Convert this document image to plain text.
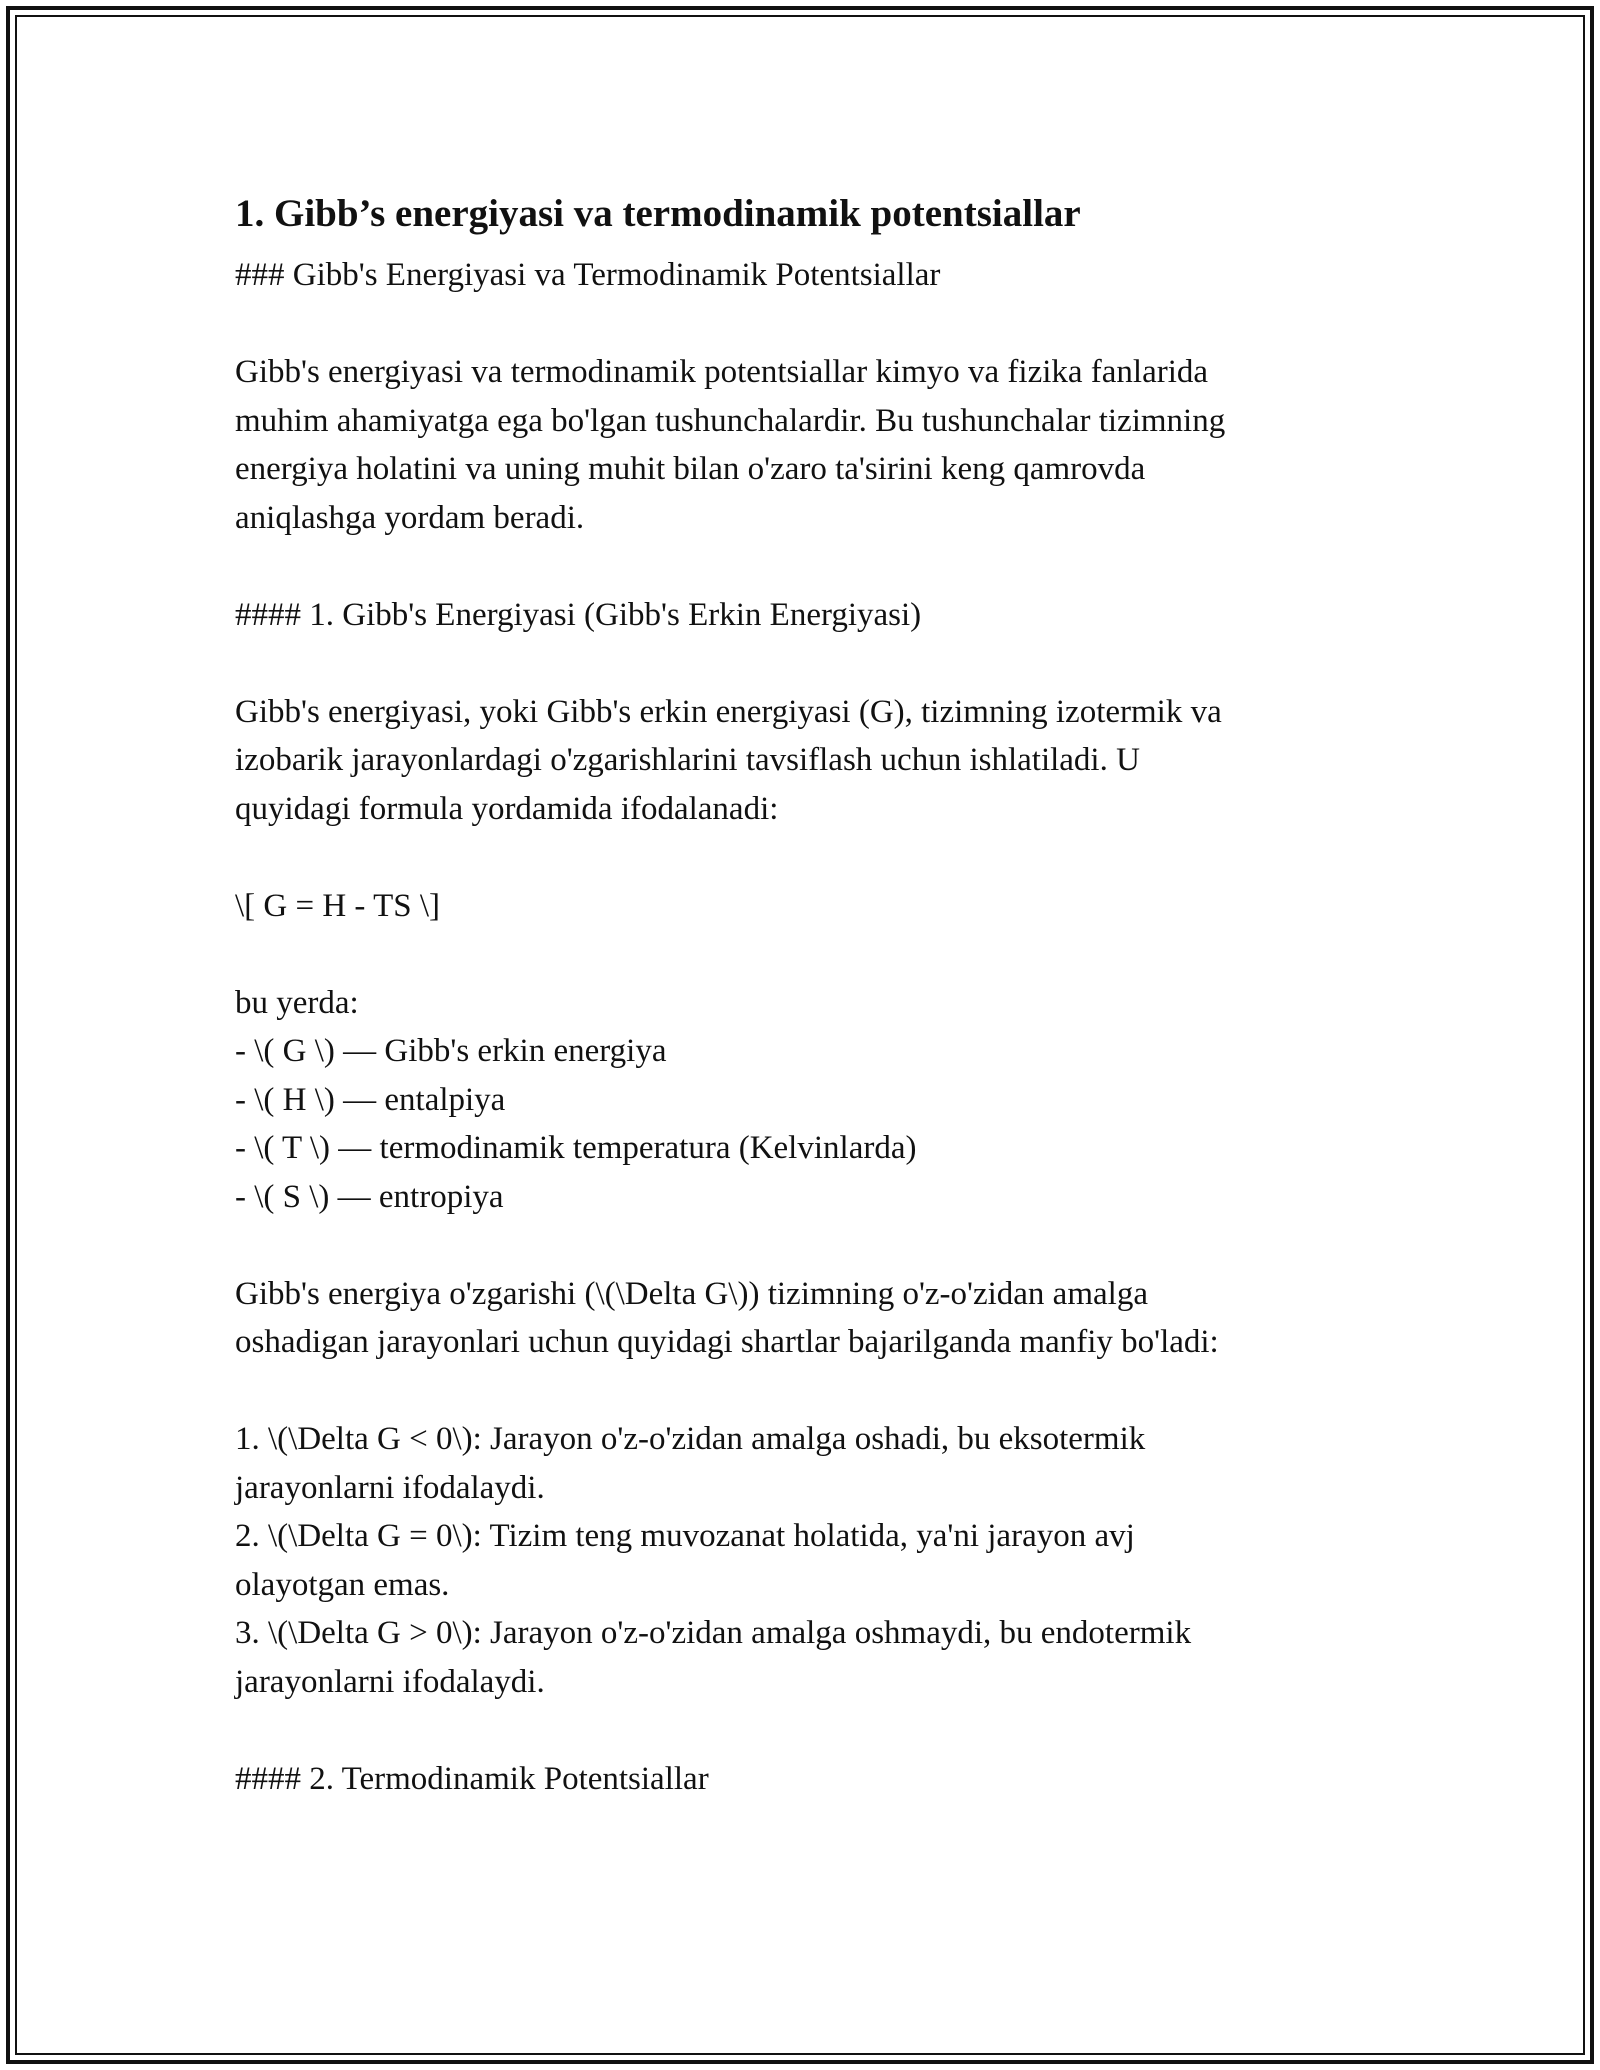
1. Gibb’s energiyasi va termodinamik potentsiallar
### Gibb's Energiyasi va Termodinamik Potentsiallar
Gibb's energiyasi va termodinamik potentsiallar kimyo va fizika fanlarida
muhim ahamiyatga ega bo'lgan tushunchalardir. Bu tushunchalar tizimning
energiya holatini va uning muhit bilan o'zaro ta'sirini keng qamrovda
aniqlashga yordam beradi.
#### 1. Gibb's Energiyasi (Gibb's Erkin Energiyasi)
Gibb's energiyasi, yoki Gibb's erkin energiyasi (G), tizimning izotermik va
izobarik jarayonlardagi o'zgarishlarini tavsiflash uchun ishlatiladi. U
quyidagi formula yordamida ifodalanadi:
\[ G = H - TS \]
bu yerda:
- \( G \) — Gibb's erkin energiya
- \( H \) — entalpiya
- \( T \) — termodinamik temperatura (Kelvinlarda)
- \( S \) — entropiya
Gibb's energiya o'zgarishi (\(\Delta G\)) tizimning o'z-o'zidan amalga
oshadigan jarayonlari uchun quyidagi shartlar bajarilganda manfiy bo'ladi:
1. \(\Delta G < 0\): Jarayon o'z-o'zidan amalga oshadi, bu eksotermik
jarayonlarni ifodalaydi.
2. \(\Delta G = 0\): Tizim teng muvozanat holatida, ya'ni jarayon avj
olayotgan emas.
3. \(\Delta G > 0\): Jarayon o'z-o'zidan amalga oshmaydi, bu endotermik
jarayonlarni ifodalaydi.
#### 2. Termodinamik Potentsiallar
